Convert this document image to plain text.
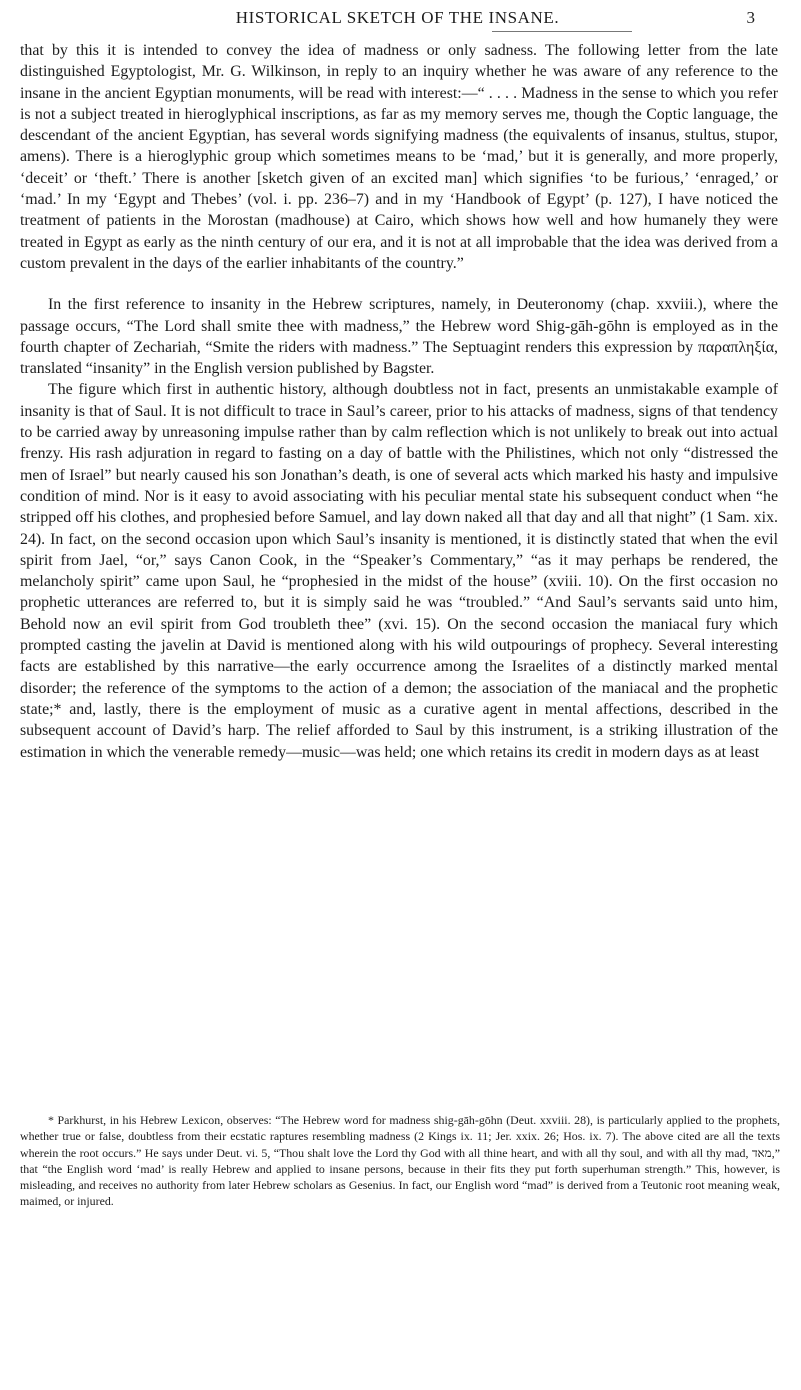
HISTORICAL SKETCH OF THE INSANE.	3

that by this it is intended to convey the idea of madness or only sadness. The following letter from the late distinguished Egyptologist, Mr. G. Wilkinson, in reply to an inquiry whether he was aware of any reference to the insane in the ancient Egyptian monuments, will be read with interest:—“ . . . . Madness in the sense to which you refer is not a subject treated in hieroglyphical inscriptions, as far as my memory serves me, though the Coptic language, the descendant of the ancient Egyptian, has several words signifying madness (the equivalents of insanus, stultus, stupor, amens). There is a hieroglyphic group which sometimes means to be ‘mad,’ but it is generally, and more properly, ‘deceit’ or ‘theft.’ There is another [sketch given of an excited man] which signifies ‘to be furious,’ ‘enraged,’ or ‘mad.’ In my ‘Egypt and Thebes’ (vol. i. pp. 236–7) and in my ‘Handbook of Egypt’ (p. 127), I have noticed the treatment of patients in the Morostan (madhouse) at Cairo, which shows how well and how humanely they were treated in Egypt as early as the ninth century of our era, and it is not at all improbable that the idea was derived from a custom prevalent in the days of the earlier inhabitants of the country.”

In the first reference to insanity in the Hebrew scriptures, namely, in Deuteronomy (chap. xxviii.), where the passage occurs, “The Lord shall smite thee with madness,” the Hebrew word Shig-gāh-gōhn is employed as in the fourth chapter of Zechariah, “Smite the riders with madness.” The Septuagint renders this expression by παραπληξία, translated “insanity” in the English version published by Bagster.

The figure which first in authentic history, although doubtless not in fact, presents an unmistakable example of insanity is that of Saul. It is not difficult to trace in Saul’s career, prior to his attacks of madness, signs of that tendency to be carried away by unreasoning impulse rather than by calm reflection which is not unlikely to break out into actual frenzy. His rash adjuration in regard to fasting on a day of battle with the Philistines, which not only “distressed the men of Israel” but nearly caused his son Jonathan’s death, is one of several acts which marked his hasty and impulsive condition of mind. Nor is it easy to avoid associating with his peculiar mental state his subsequent conduct when “he stripped off his clothes, and prophesied before Samuel, and lay down naked all that day and all that night” (1 Sam. xix. 24). In fact, on the second occasion upon which Saul’s insanity is mentioned, it is distinctly stated that when the evil spirit from Jael, “or,” says Canon Cook, in the “Speaker’s Commentary,” “as it may perhaps be rendered, the melancholy spirit” came upon Saul, he “prophesied in the midst of the house” (xviii. 10). On the first occasion no prophetic utterances are referred to, but it is simply said he was “troubled.” “And Saul’s servants said unto him, Behold now an evil spirit from God troubleth thee” (xvi. 15). On the second occasion the maniacal fury which prompted casting the javelin at David is mentioned along with his wild outpourings of prophecy. Several interesting facts are established by this narrative—the early occurrence among the Israelites of a distinctly marked mental disorder; the reference of the symptoms to the action of a demon; the association of the maniacal and the prophetic state;* and, lastly, there is the employment of music as a curative agent in mental affections, described in the subsequent account of David’s harp. The relief afforded to Saul by this instrument, is a striking illustration of the estimation in which the venerable remedy—music—was held; one which retains its credit in modern days as at least

* Parkhurst, in his Hebrew Lexicon, observes: “The Hebrew word for madness shig-gāh-gōhn (Deut. xxviii. 28), is particularly applied to the prophets, whether true or false, doubtless from their ecstatic raptures resembling madness (2 Kings ix. 11; Jer. xxix. 26; Hos. ix. 7). The above cited are all the texts wherein the root occurs.” He says under Deut. vi. 5, “Thou shalt love the Lord thy God with all thine heart, and with all thy soul, and with all thy mad, מאד,” that “the English word ‘mad’ is really Hebrew and applied to insane persons, because in their fits they put forth superhuman strength.” This, however, is misleading, and receives no authority from later Hebrew scholars as Gesenius. In fact, our English word “mad” is derived from a Teutonic root meaning weak, maimed, or injured.
